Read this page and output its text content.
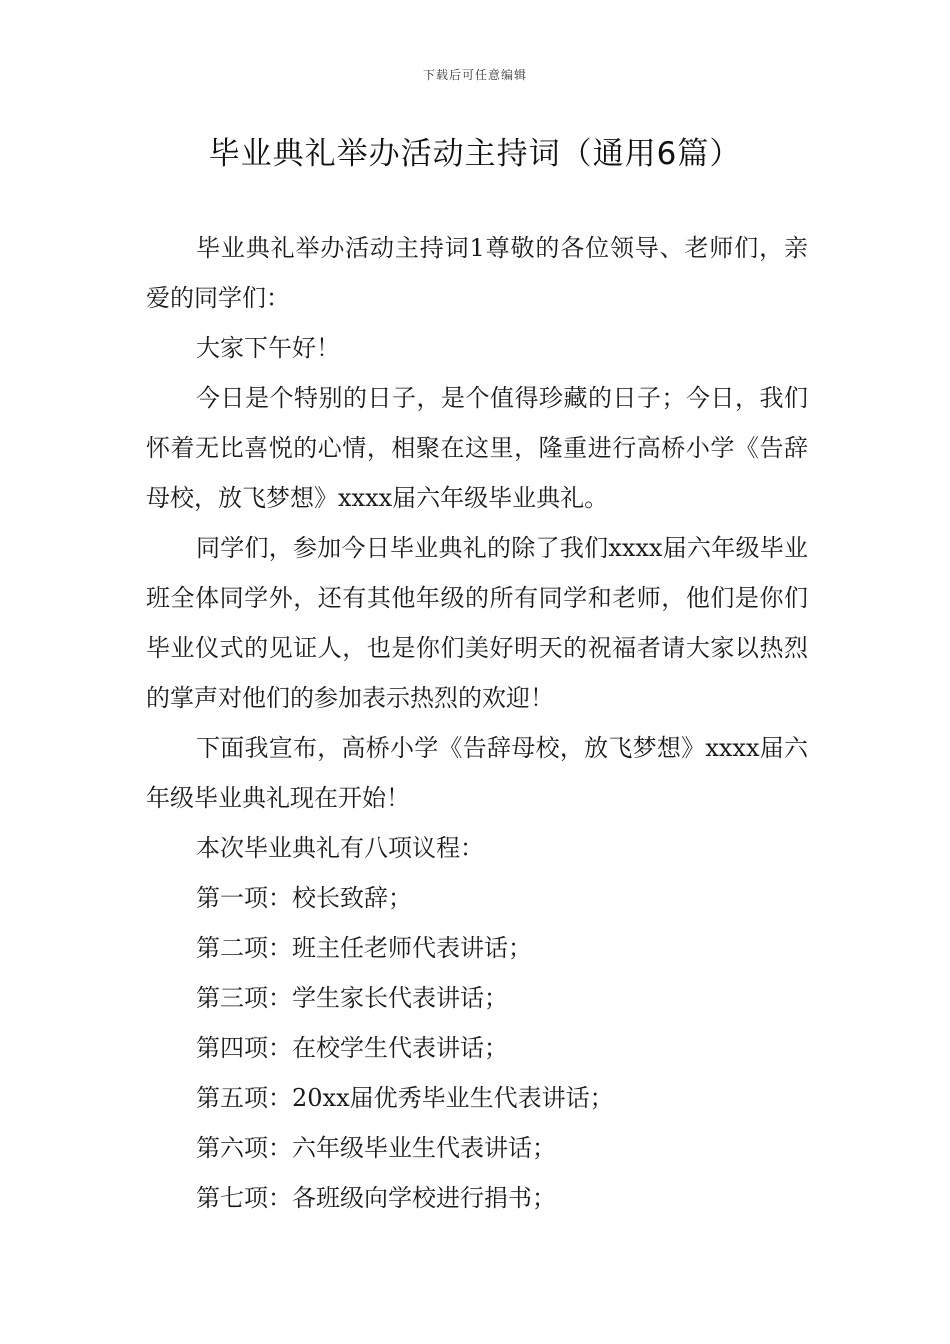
下载后可任意编辑
毕业典礼举办活动主持词（通用6篇）

毕业典礼举办活动主持词1尊敬的各位领导、老师们，亲爱的同学们：

大家下午好！

今日是个特别的日子，是个值得珍藏的日子；今日，我们怀着无比喜悦的心情，相聚在这里，隆重进行高桥小学《告辞母校，放飞梦想》xxxx届六年级毕业典礼。

同学们，参加今日毕业典礼的除了我们xxxx届六年级毕业班全体同学外，还有其他年级的所有同学和老师，他们是你们毕业仪式的见证人，也是你们美好明天的祝福者请大家以热烈的掌声对他们的参加表示热烈的欢迎！

下面我宣布，高桥小学《告辞母校，放飞梦想》xxxx届六年级毕业典礼现在开始！

本次毕业典礼有八项议程：

第一项：校长致辞；

第二项：班主任老师代表讲话；

第三项：学生家长代表讲话；

第四项：在校学生代表讲话；

第五项：20xx届优秀毕业生代表讲话；

第六项：六年级毕业生代表讲话；

第七项：各班级向学校进行捐书；
